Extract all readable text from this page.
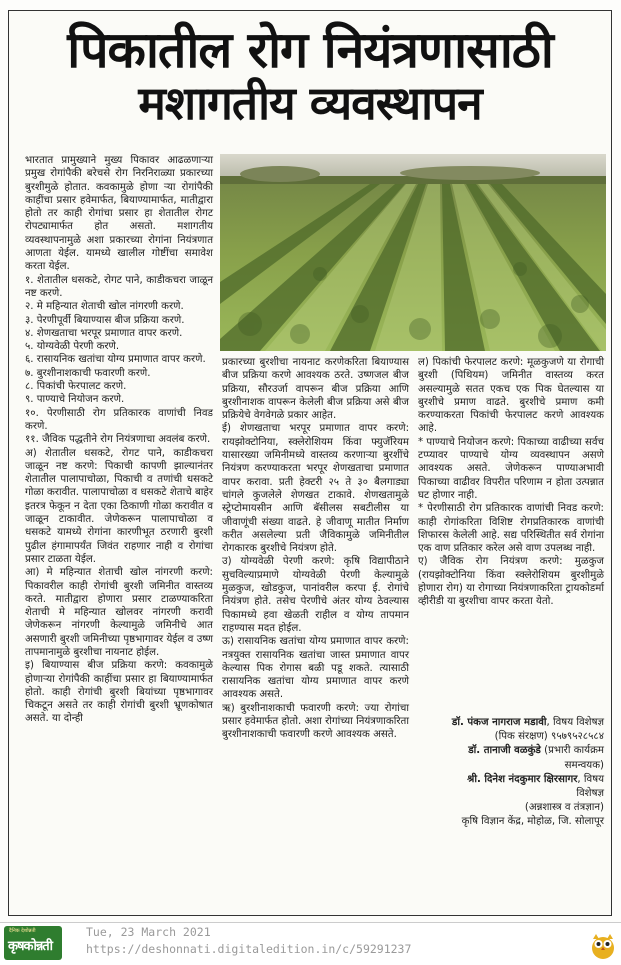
पिकातील रोग नियंत्रणासाठी
मशागतीय व्यवस्थापन

भारतात प्रामुख्याने मुख्य पिकावर आढळणाऱ्या प्रमुख रोगांपैकी बरेचसे रोग निरनिराळ्या प्रकारच्या बुरशीमुळे होतात. कवकामुळे होणा ऱ्या रोगांपैकी काहींचा प्रसार हवेमार्फत, बियाण्यामार्फत, मातीद्वारा होतो तर काही रोगांचा प्रसार हा शेतातील रोगट रोपट्यामार्फत होत असतो. मशागतीय व्यवस्थापनामुळे अशा प्रकारच्या रोगांना नियंत्रणात आणता येईल. यामध्ये खालील गोष्टींचा समावेश करता येईल.

१. शेतातील धसकटे, रोगट पाने, काडीकचरा जाळून नष्ट करणे.

२. मे महिन्यात शेताची खोल नांगरणी करणे.

३. पेरणीपूर्वी बियाण्यास बीज प्रक्रिया करणे.

४. शेणखताचा भरपूर प्रमाणात वापर करणे.

५. योग्यवेळी पेरणी करणे.

६. रासायनिक खतांचा योग्य प्रमाणात वापर करणे.

७. बुरशीनाशकाची फवारणी करणे.

८. पिकांची फेरपालट करणे.

९. पाण्याचे नियोजन करणे.

१०. पेरणीसाठी रोग प्रतिकारक वाणांची निवड करणे.

११. जैविक पद्धतीने रोग नियंत्रणाचा अवलंब करणे.

अ) शेतातील धसकटे, रोगट पाने, काडीकचरा जाळून नष्ट करणे: पिकाची कापणी झाल्यानंतर शेतातील पालापाचोळा, पिकाची व तणांची धसकटे गोळा करावीत. पालापाचोळा व धसकटे शेताचे बाहेर इतरत्र फेकून न देता एका ठिकाणी गोळा करावीत व जाळून टाकावीत. जेणेकरून पालापाचोळा व धसकटे यामध्ये रोगांना कारणीभूत ठरणारी बुरशी पुढील हंगामापर्यंत जिवंत राहणार नाही व रोगांचा प्रसार टाळता येईल.

आ) मे महिन्यात शेताची खोल नांगरणी करणे: पिकावरील काही रोगांची बुरशी जमिनीत वास्तव्य करते. मातीद्वारा होणारा प्रसार टाळण्याकरिता शेताची मे महिन्यात खोलवर नांगरणी करावी जेणेकरून नांगरणी केल्यामुळे जमिनीचे आत असणारी बुरशी जमिनीच्या पृष्ठभागावर येईल व उष्ण तापमानामुळे बुरशीचा नायनाट होईल.

इ) बियाण्यास बीज प्रक्रिया करणे: कवकामुळे होणाऱ्या रोगांपैकी काहींचा प्रसार हा बियाण्यामार्फत होतो. काही रोगांची बुरशी बियांच्या पृष्ठभागावर चिकटून असते तर काही रोगांची बुरशी भ्रूणकोषात असते. या दोन्ही

प्रकारच्या बुरशीचा नायनाट करणेकरिता बियाण्यास बीज प्रक्रिया करणे आवश्यक ठरते. उष्णजल बीज प्रक्रिया, सौरउर्जा वापरून बीज प्रक्रिया आणि बुरशीनाशक वापरून केलेली बीज प्रक्रिया असे बीज प्रक्रियेचे वेगवेगळे प्रकार आहेत.

ई) शेणखताचा भरपूर प्रमाणात वापर करणे: रायझोक्टोनिया, स्क्लेरोशियम किंवा फ्युजॅरियम यासारख्या जमिनीमध्ये वास्तव्य करणाऱ्या बुरशींचे नियंत्रण करण्याकरता भरपूर शेणखताचा प्रमाणात वापर करावा. प्रती हेक्टरी २५ ते ३० बैलगाड्या चांगले कुजलेले शेणखत टाकावे. शेणखतामुळे स्ट्रेप्टोमायसीन आणि बॅसीलस सबटीलीस या जीवाणूंची संख्या वाढते. हे जीवाणू मातीत निर्माण करीत असलेल्या प्रती जैविकामुळे जमिनीतील रोगकारक बुरशीचे नियंत्रण होते.

उ) योग्यवेळी पेरणी करणे: कृषि विद्यापीठाने सुचविल्याप्रमाणे योग्यवेळी पेरणी केल्यामुळे मुळकुज, खोडकुज, पानांवरील करपा ई. रोगांचे नियंत्रण होते. तसेच पेरणीचे अंतर योग्य ठेवल्यास पिकामध्ये हवा खेळती राहील व योग्य तापमान राहण्यास मदत होईल.

ऊ) रासायनिक खतांचा योग्य प्रमाणात वापर करणे: नत्रयुक्त रासायनिक खतांचा जास्त प्रमाणात वापर केल्यास पिक रोगास बळी पडू शकते. त्यासाठी रासायनिक खतांचा योग्य प्रमाणात वापर करणे आवश्यक असते.

ऋ) बुरशीनाशकाची फवारणी करणे: ज्या रोगांचा प्रसार हवेमार्फत होतो. अशा रोगांच्या नियंत्रणाकरिता बुरशीनाशकाची फवारणी करणे आवश्यक असते.

ल) पिकांची फेरपालट करणे: मूळकुजणे या रोगाची बुरशी (पिथियम) जमिनीत वास्तव्य करत असल्यामुळे सतत एकच एक पिक घेतल्यास या बुरशीचे प्रमाण वाढते. बुरशीचे प्रमाण कमी करण्याकरता पिकांची फेरपालट करणे आवश्यक आहे.

* पाण्याचे नियोजन करणे: पिकाच्या वाढीच्या सर्वच टप्प्यावर पाण्याचे योग्य व्यवस्थापन असणे आवश्यक असते. जेणेकरून पाण्याअभावी पिकाच्या वाढीवर विपरीत परिणाम न होता उत्पन्नात घट होणार नाही.

* पेरणीसाठी रोग प्रतिकारक वाणांची निवड करणे: काही रोगांकरिता विशिष्ट रोगप्रतिकारक वाणांची शिफारस केलेली आहे. सद्य परिस्थितीत सर्व रोगांना एक वाण प्रतिकार करेल असे वाण उपलब्ध नाही.

ए) जैविक रोग नियंत्रण करणे: मुळकुज (रायझोक्टोनिया किंवा स्क्लेरोशियम बुरशीमुळे होणारा रोग) या रोगाच्या नियंत्रणाकरिता ट्रायकोडर्मा व्हीरीडी या बुरशीचा वापर करता येतो.

डॉ. पंकज नागराज मडावी, विषय विशेषज्ञ
(पिक संरक्षण) ९५७९५२८५८४
डॉ. तानाजी वळकुंडे (प्रभारी कार्यक्रम
समन्वयक)
श्री. दिनेश नंदकुमार क्षिरसागर, विषय
विशेषज्ञ
(अन्नशास्त्र व तंत्रज्ञान)
कृषि विज्ञान केंद्र, मोहोळ, जि. सोलापूर
दैनिक देशोन्नती
कृषकोन्नती
Tue, 23 March 2021
https://deshonnati.digitaledition.in/c/59291237
